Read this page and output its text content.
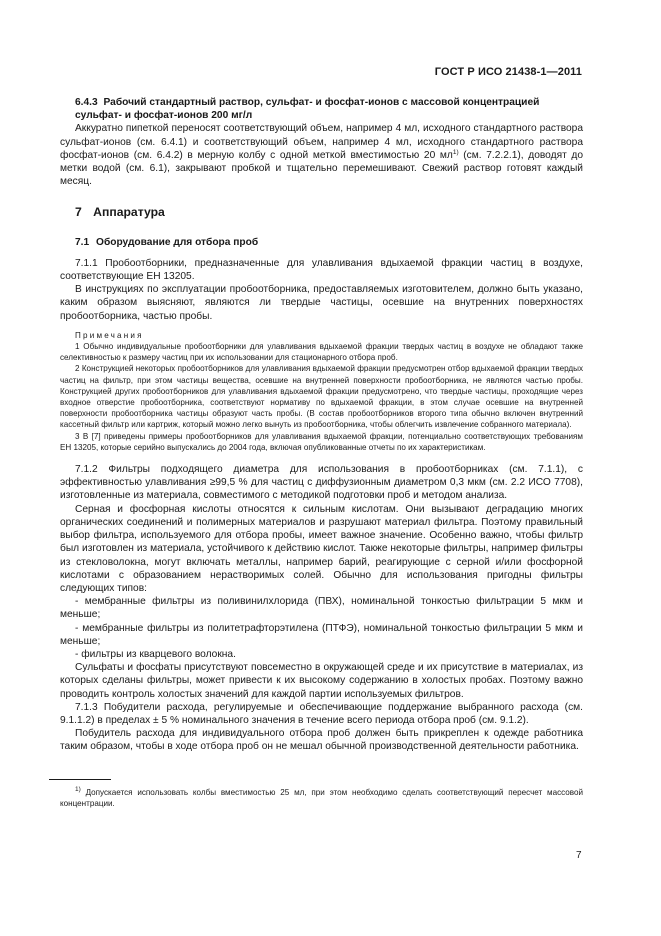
ГОСТ Р ИСО 21438-1—2011
6.4.3 Рабочий стандартный раствор, сульфат- и фосфат-ионов с массовой концентрацией сульфат- и фосфат-ионов 200 мг/л

Аккуратно пипеткой переносят соответствующий объем, например 4 мл, исходного стандартного раствора сульфат-ионов (см. 6.4.1) и соответствующий объем, например 4 мл, исходного стандартного раствора фосфат-ионов (см. 6.4.2) в мерную колбу с одной меткой вместимостью 20 $мл^{1)}$ (см. 7.2.2.1), доводят до метки водой (см. 6.1), закрывают пробкой и тщательно перемешивают. Свежий раствор готовят каждый месяц.

7 Аппаратура
7.1 Оборудование для отбора проб

7.1.1 Пробоотборники, предназначенные для улавливания вдыхаемой фракции частиц в воздухе, соответствующие ЕН 13205.

В инструкциях по эксплуатации пробоотборника, предоставляемых изготовителем, должно быть указано, каким образом выясняют, являются ли твердые частицы, осевшие на внутренних поверхностях пробоотборника, частью пробы.

Примечания

1 Обычно индивидуальные пробоотборники для улавливания вдыхаемой фракции твердых частиц в воздухе не обладают также селективностью к размеру частиц при их использовании для стационарного отбора проб.

2 Конструкцией некоторых пробоотборников для улавливания вдыхаемой фракции предусмотрен отбор вдыхаемой фракции твердых частиц на фильтр, при этом частицы вещества, осевшие на внутренней поверхности пробоотборника, не являются частью пробы. Конструкцией других пробоотборников для улавливания вдыхаемой фракции предусмотрено, что твердые частицы, проходящие через входное отверстие пробоотборника, соответствуют нормативу по вдыхаемой фракции, в этом случае осевшие на внутренней поверхности пробоотборника частицы образуют часть пробы. (В состав пробоотборников второго типа обычно включен внутренний кассетный фильтр или картриж, который можно легко вынуть из пробоотборника, чтобы облегчить извлечение собранного материала).

3 В [7] приведены примеры пробоотборников для улавливания вдыхаемой фракции, потенциально соответствующих требованиям ЕН 13205, которые серийно выпускались до 2004 года, включая опубликованные отчеты по их характеристикам.

7.1.2 Фильтры подходящего диаметра для использования в пробоотборниках (см. 7.1.1), с эффективностью улавливания ≥99,5 % для частиц с диффузионным диаметром 0,3 мкм (см. 2.2 ИСО 7708), изготовленные из материала, совместимого с методикой подготовки проб и методом анализа.

Серная и фосфорная кислоты относятся к сильным кислотам. Они вызывают деградацию многих органических соединений и полимерных материалов и разрушают материал фильтра. Поэтому правильный выбор фильтра, используемого для отбора пробы, имеет важное значение. Особенно важно, чтобы фильтр был изготовлен из материала, устойчивого к действию кислот. Также некоторые фильтры, например фильтры из стекловолокна, могут включать металлы, например барий, реагирующие с серной и/или фосфорной кислотами с образованием нерастворимых солей. Обычно для использования пригодны фильтры следующих типов:

- мембранные фильтры из поливинилхлорида (ПВХ), номинальной тонкостью фильтрации 5 мкм и меньше;

- мембранные фильтры из политетрафторэтилена (ПТФЭ), номинальной тонкостью фильтрации 5 мкм и меньше;

- фильтры из кварцевого волокна.

Сульфаты и фосфаты присутствуют повсеместно в окружающей среде и их присутствие в материалах, из которых сделаны фильтры, может привести к их высокому содержанию в холостых пробах. Поэтому важно проводить контроль холостых значений для каждой партии используемых фильтров.

7.1.3 Побудители расхода, регулируемые и обеспечивающие поддержание выбранного расхода (см. 9.1.1.2) в пределах ± 5 % номинального значения в течение всего периода отбора проб (см. 9.1.2).

Побудитель расхода для индивидуального отбора проб должен быть прикреплен к одежде работника таким образом, чтобы в ходе отбора проб он не мешал обычной производственной деятельности работника.

$^{1)}$ Допускается использовать колбы вместимостью 25 мл, при этом необходимо сделать соответствующий пересчет массовой концентрации.
7
